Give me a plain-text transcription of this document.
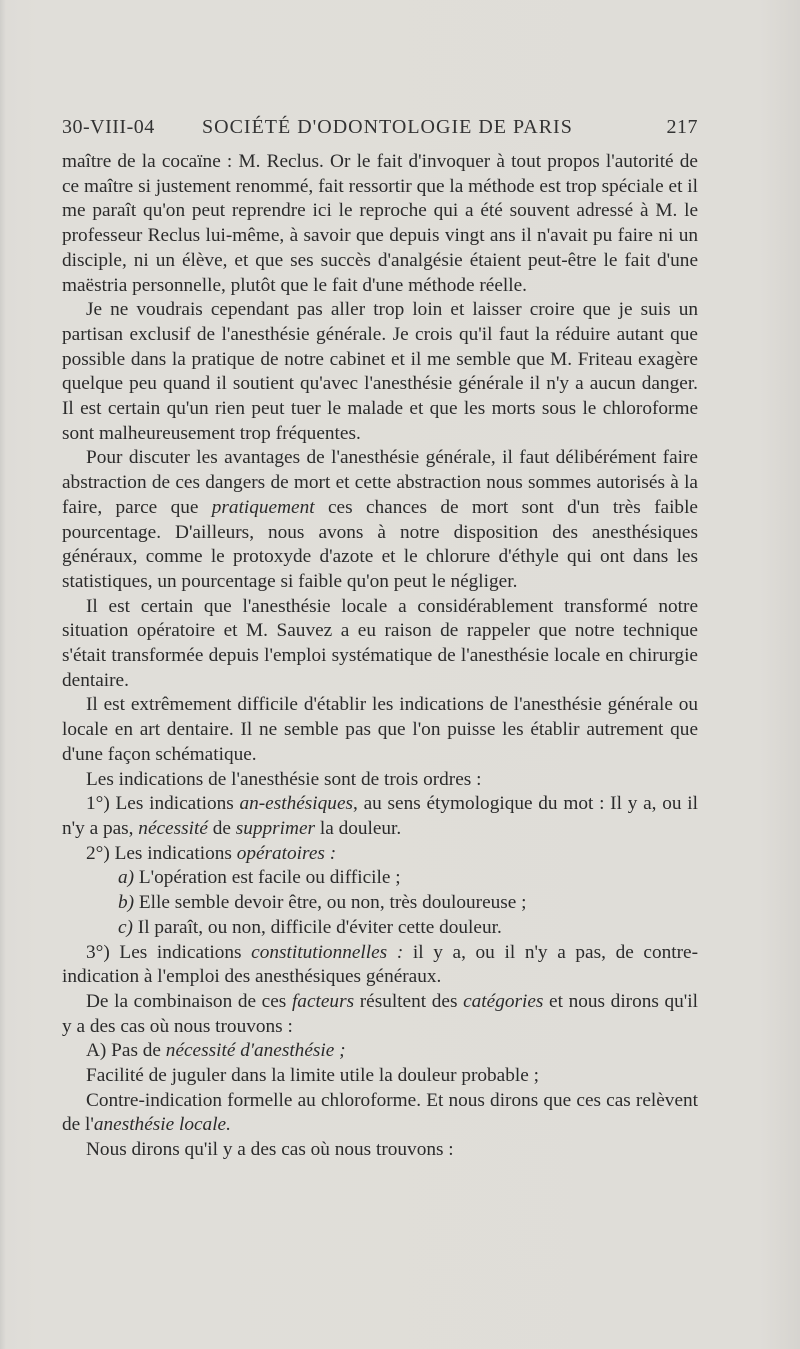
30-VIII-04 SOCIÉTÉ D'ODONTOLOGIE DE PARIS	217

maître de la cocaïne : M. Reclus. Or le fait d'invoquer à tout propos l'autorité de ce maître si justement renommé, fait ressortir que la méthode est trop spéciale et il me paraît qu'on peut reprendre ici le reproche qui a été souvent adressé à M. le professeur Reclus lui-même, à savoir que depuis vingt ans il n'avait pu faire ni un disciple, ni un élève, et que ses succès d'analgésie étaient peut-être le fait d'une maëstria personnelle, plutôt que le fait d'une méthode réelle.

Je ne voudrais cependant pas aller trop loin et laisser croire que je suis un partisan exclusif de l'anesthésie générale. Je crois qu'il faut la réduire autant que possible dans la pratique de notre cabinet et il me semble que M. Friteau exagère quelque peu quand il soutient qu'avec l'anesthésie générale il n'y a aucun danger. Il est certain qu'un rien peut tuer le malade et que les morts sous le chloroforme sont malheureusement trop fréquentes.

Pour discuter les avantages de l'anesthésie générale, il faut délibérément faire abstraction de ces dangers de mort et cette abstraction nous sommes autorisés à la faire, parce que pratiquement ces chances de mort sont d'un très faible pourcentage. D'ailleurs, nous avons à notre disposition des anesthésiques généraux, comme le protoxyde d'azote et le chlorure d'éthyle qui ont dans les statistiques, un pourcentage si faible qu'on peut le négliger.

Il est certain que l'anesthésie locale a considérablement transformé notre situation opératoire et M. Sauvez a eu raison de rappeler que notre technique s'était transformée depuis l'emploi systématique de l'anesthésie locale en chirurgie dentaire.

Il est extrêmement difficile d'établir les indications de l'anesthésie générale ou locale en art dentaire. Il ne semble pas que l'on puisse les établir autrement que d'une façon schématique.

Les indications de l'anesthésie sont de trois ordres :

1°) Les indications an-esthésiques, au sens étymologique du mot : Il y a, ou il n'y a pas, nécessité de supprimer la douleur.

2°) Les indications opératoires :

a) L'opération est facile ou difficile ;

b) Elle semble devoir être, ou non, très douloureuse ;

c) Il paraît, ou non, difficile d'éviter cette douleur.

3°) Les indications constitutionnelles : il y a, ou il n'y a pas, de contre-indication à l'emploi des anesthésiques généraux.

De la combinaison de ces facteurs résultent des catégories et nous dirons qu'il y a des cas où nous trouvons :

A) Pas de nécessité d'anesthésie ;

Facilité de juguler dans la limite utile la douleur probable ;

Contre-indication formelle au chloroforme. Et nous dirons que ces cas relèvent de l'anesthésie locale.

Nous dirons qu'il y a des cas où nous trouvons :
